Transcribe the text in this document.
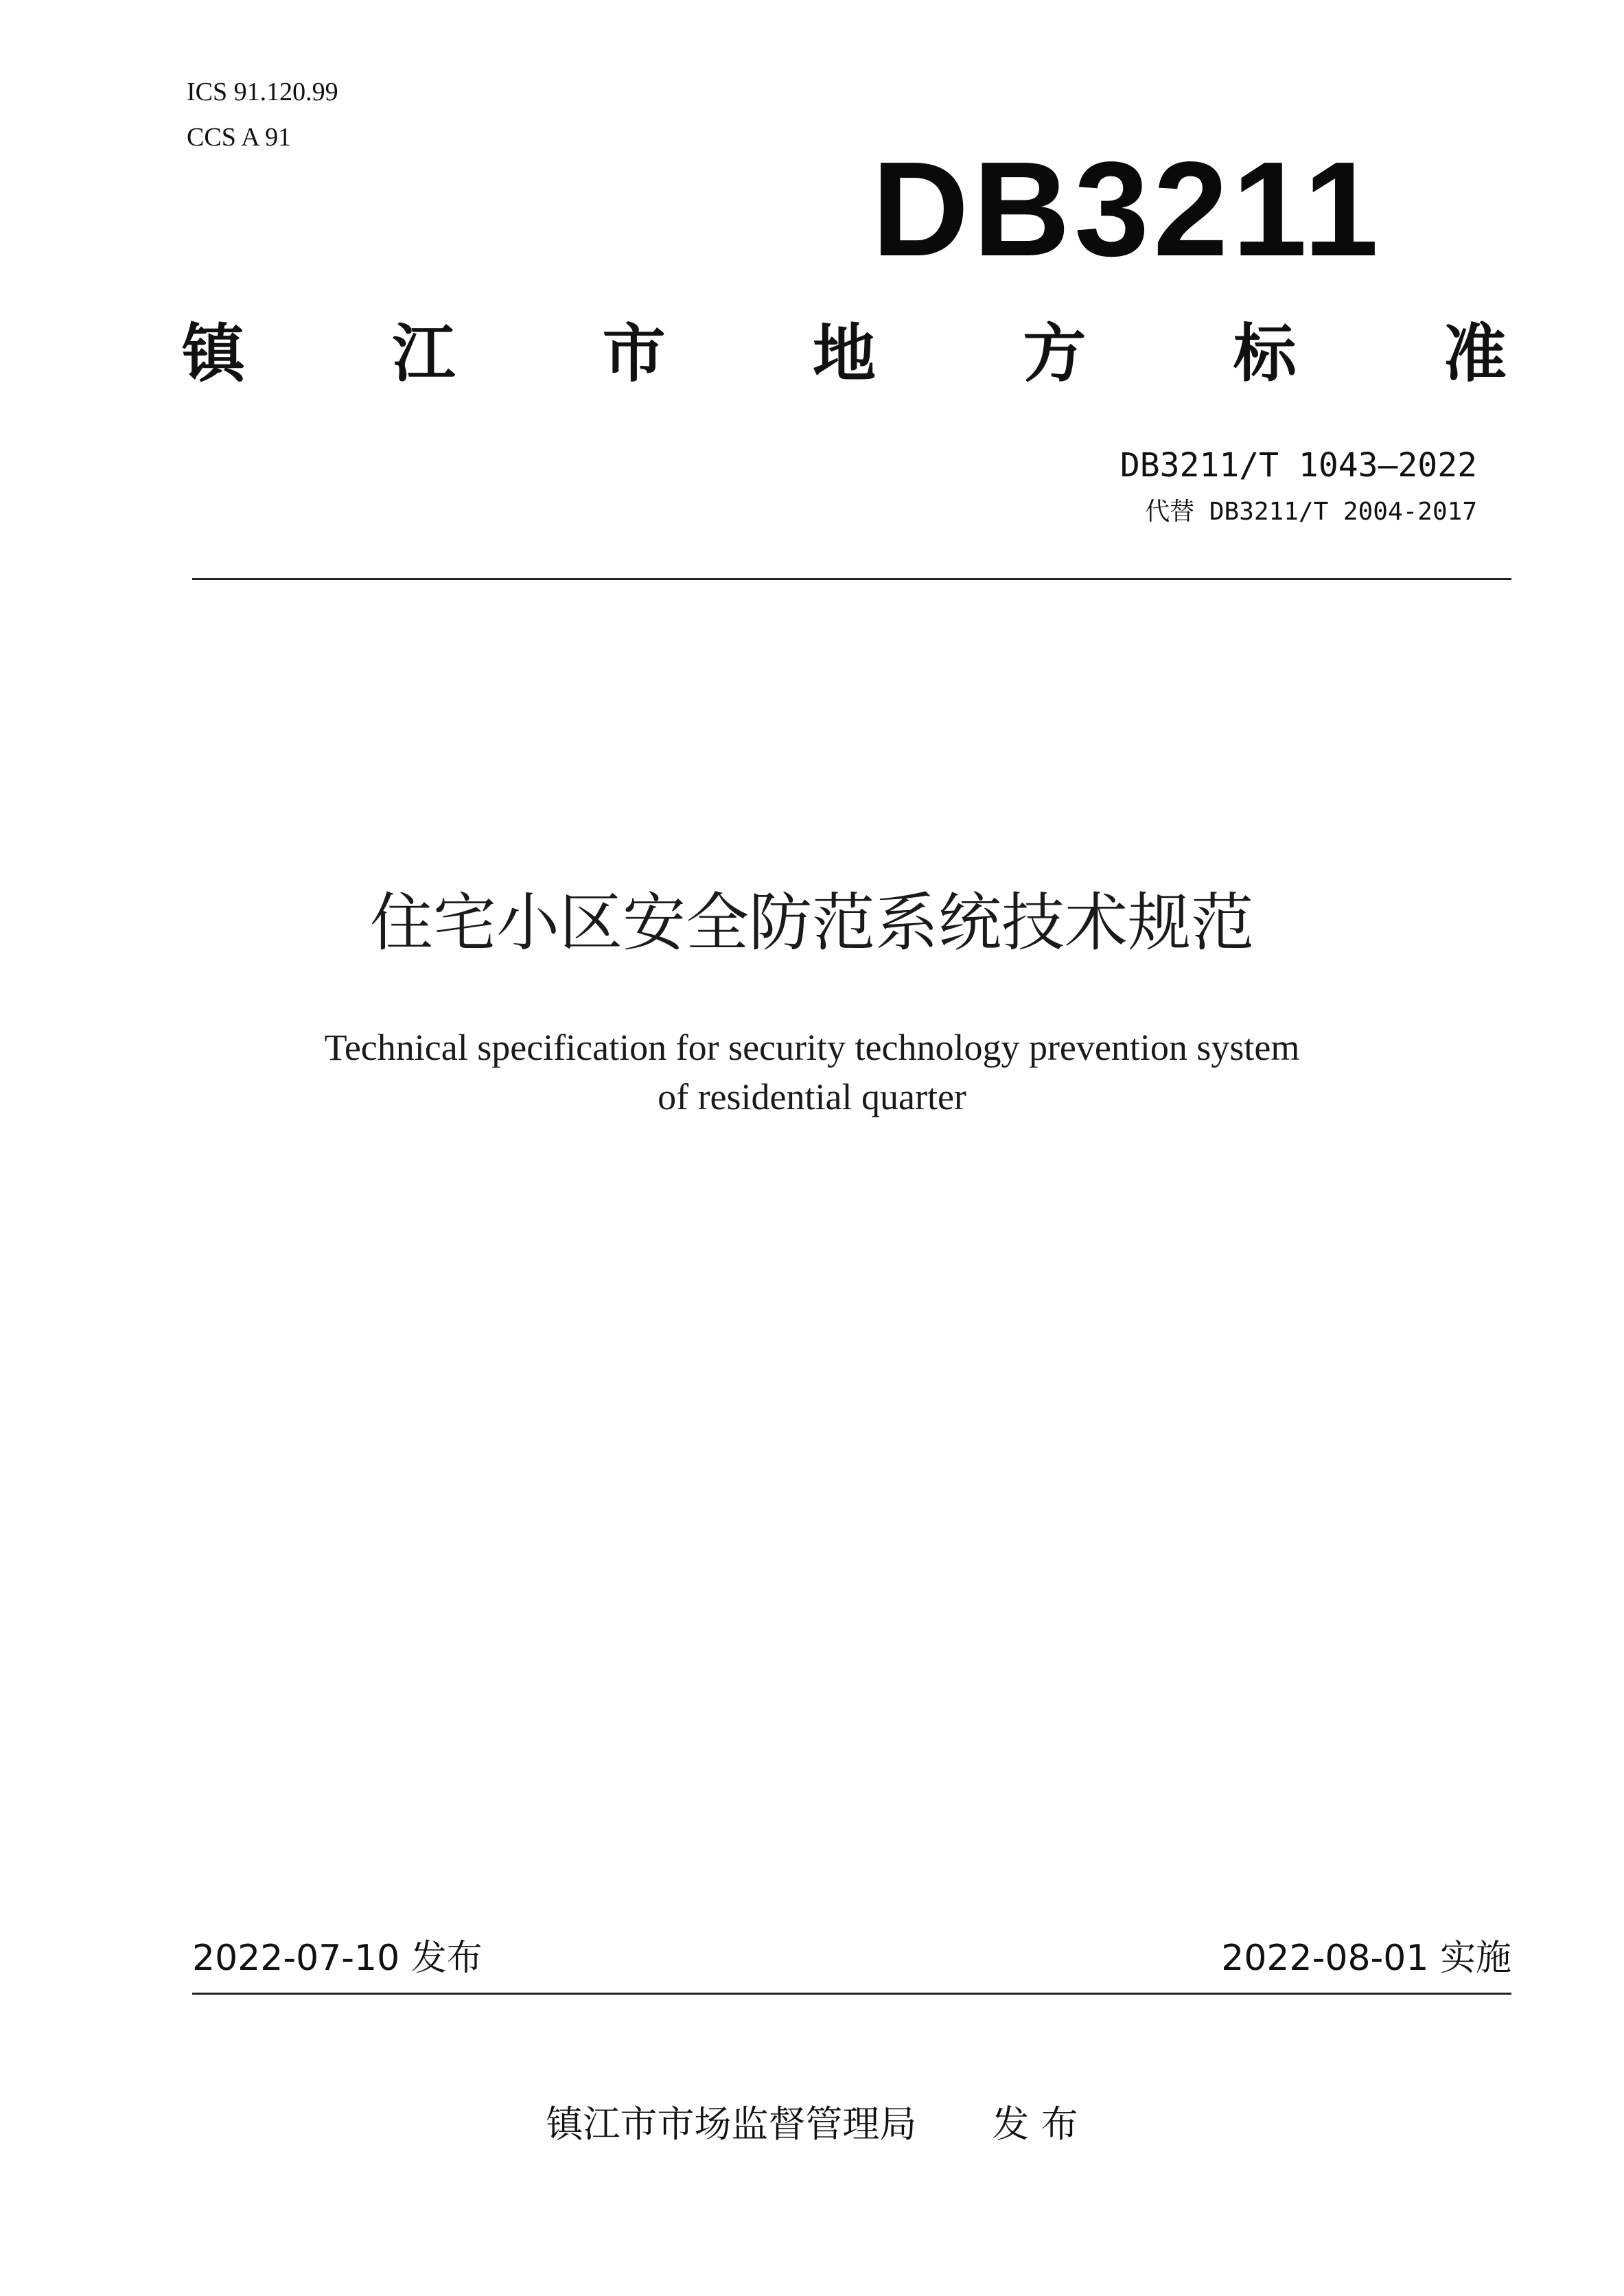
ICS 91.120.99
CCS A 91	DB3211
镇 江 市 地 方 标 准
DB3211/T 1043—2022
代替 DB3211/T 2004-2017
住宅小区安全防范系统技术规范
Technical specification for security technology prevention system
of residential quarter
2022-07-10 发布	2022-08-01 实施
镇江市市场监督管理局 发 布
